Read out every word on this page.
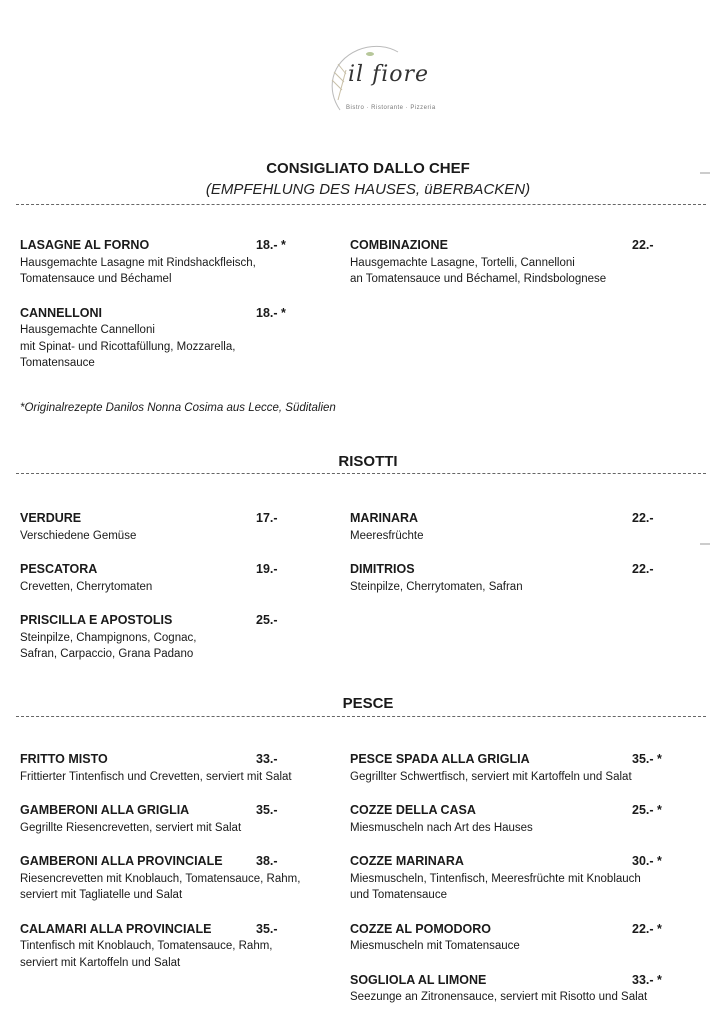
il fiore
Bistro · Ristorante · Pizzeria
CONSIGLIATO DALLO CHEF
(EMPFEHLUNG DES HAUSES, üBERBACKEN)
LASAGNE AL FORNO	18.- *
Hausgemachte Lasagne mit Rindshackfleisch,
Tomatensauce und Béchamel
CANNELLONI	18.- *
Hausgemachte Cannelloni
mit Spinat- und Ricottafüllung, Mozzarella,
Tomatensauce
COMBINAZIONE	22.-
Hausgemachte Lasagne, Tortelli, Cannelloni
an Tomatensauce und Béchamel, Rindsbolognese
*Originalrezepte Danilos Nonna Cosima aus Lecce, Süditalien
RISOTTI
VERDURE	17.-
Verschiedene Gemüse
PESCATORA	19.-
Crevetten, Cherrytomaten
PRISCILLA E APOSTOLIS	25.-
Steinpilze, Champignons, Cognac,
Safran, Carpaccio, Grana Padano
MARINARA	22.-
Meeresfrüchte
DIMITRIOS	22.-
Steinpilze, Cherrytomaten, Safran
PESCE
FRITTO MISTO	33.-
Frittierter Tintenfisch und Crevetten, serviert mit Salat
GAMBERONI ALLA GRIGLIA	35.-
Gegrillte Riesencrevetten, serviert mit Salat
GAMBERONI ALLA PROVINCIALE	38.-
Riesencrevetten mit Knoblauch, Tomatensauce, Rahm,
serviert mit Tagliatelle und Salat
CALAMARI ALLA PROVINCIALE	35.-
Tintenfisch mit Knoblauch, Tomatensauce, Rahm,
serviert mit Kartoffeln und Salat
PESCE SPADA ALLA GRIGLIA	35.- *
Gegrillter Schwertfisch, serviert mit Kartoffeln und Salat
COZZE DELLA CASA	25.- *
Miesmuscheln nach Art des Hauses
COZZE MARINARA	30.- *
Miesmuscheln, Tintenfisch, Meeresfrüchte mit Knoblauch
und Tomatensauce
COZZE AL POMODORO	22.- *
Miesmuscheln mit Tomatensauce
SOGLIOLA AL LIMONE	33.- *
Seezunge an Zitronensauce, serviert mit Risotto und Salat
